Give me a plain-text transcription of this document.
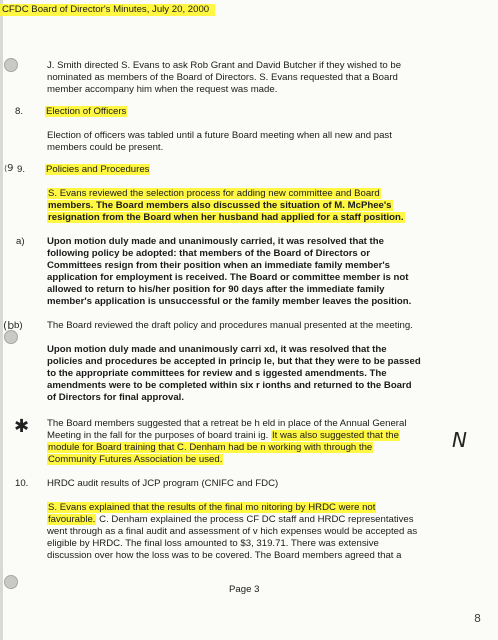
CFDC Board of Director's Minutes, July 20, 2000
J. Smith directed S. Evans to ask Rob Grant and David Butcher if they wished to be
nominated as members of the Board of Directors. S. Evans requested that a Board
member accompany him when the request was made.
8. Election of Officers
Election of officers was tabled until a future Board meeting when all new and past
members could be present.
⟨9 9. Policies and Procedures
S. Evans reviewed the selection process for adding new committee and Board
members. The Board members also discussed the situation of M. McPhee's
resignation from the Board when her husband had applied for a staff position.
a) Upon motion duly made and unanimously carried, it was resolved that the
following policy be adopted: that members of the Board of Directors or
Committees resign from their position when an immediate family member's
application for employment is received. The Board or committee member is not
allowed to return to his/her position for 90 days after the immediate family
member's application is unsuccessful or the family member leaves the position.
(b b)	The Board reviewed the draft policy and procedures manual presented at the meeting.
Upon motion duly made and unanimously carri xd, it was resolved that the
policies and procedures be accepted in princip le, but that they were to be passed
to the appropriate committees for review and s iggested amendments. The
amendments were to be completed within six r ionths and returned to the Board
of Directors for final approval.
✱ The Board members suggested that a retreat be h eld in place of the Annual General
Meeting in the fall for the purposes of board traini ig. It was also suggested that the
module for Board training that C. Denham had be n working with through the
Community Futures Association be used.
N
10. HRDC audit results of JCP program (CNIFC and FDC)
S. Evans explained that the results of the final mo nitoring by HRDC were not
favourable. C. Denham explained the process CF DC staff and HRDC representatives
went through as a final audit and assessment of v hich expenses would be accepted as
eligible by HRDC. The final loss amounted to $3, 319.71. There was extensive
discussion over how the loss was to be covered. The Board members agreed that a
Page 3
8
